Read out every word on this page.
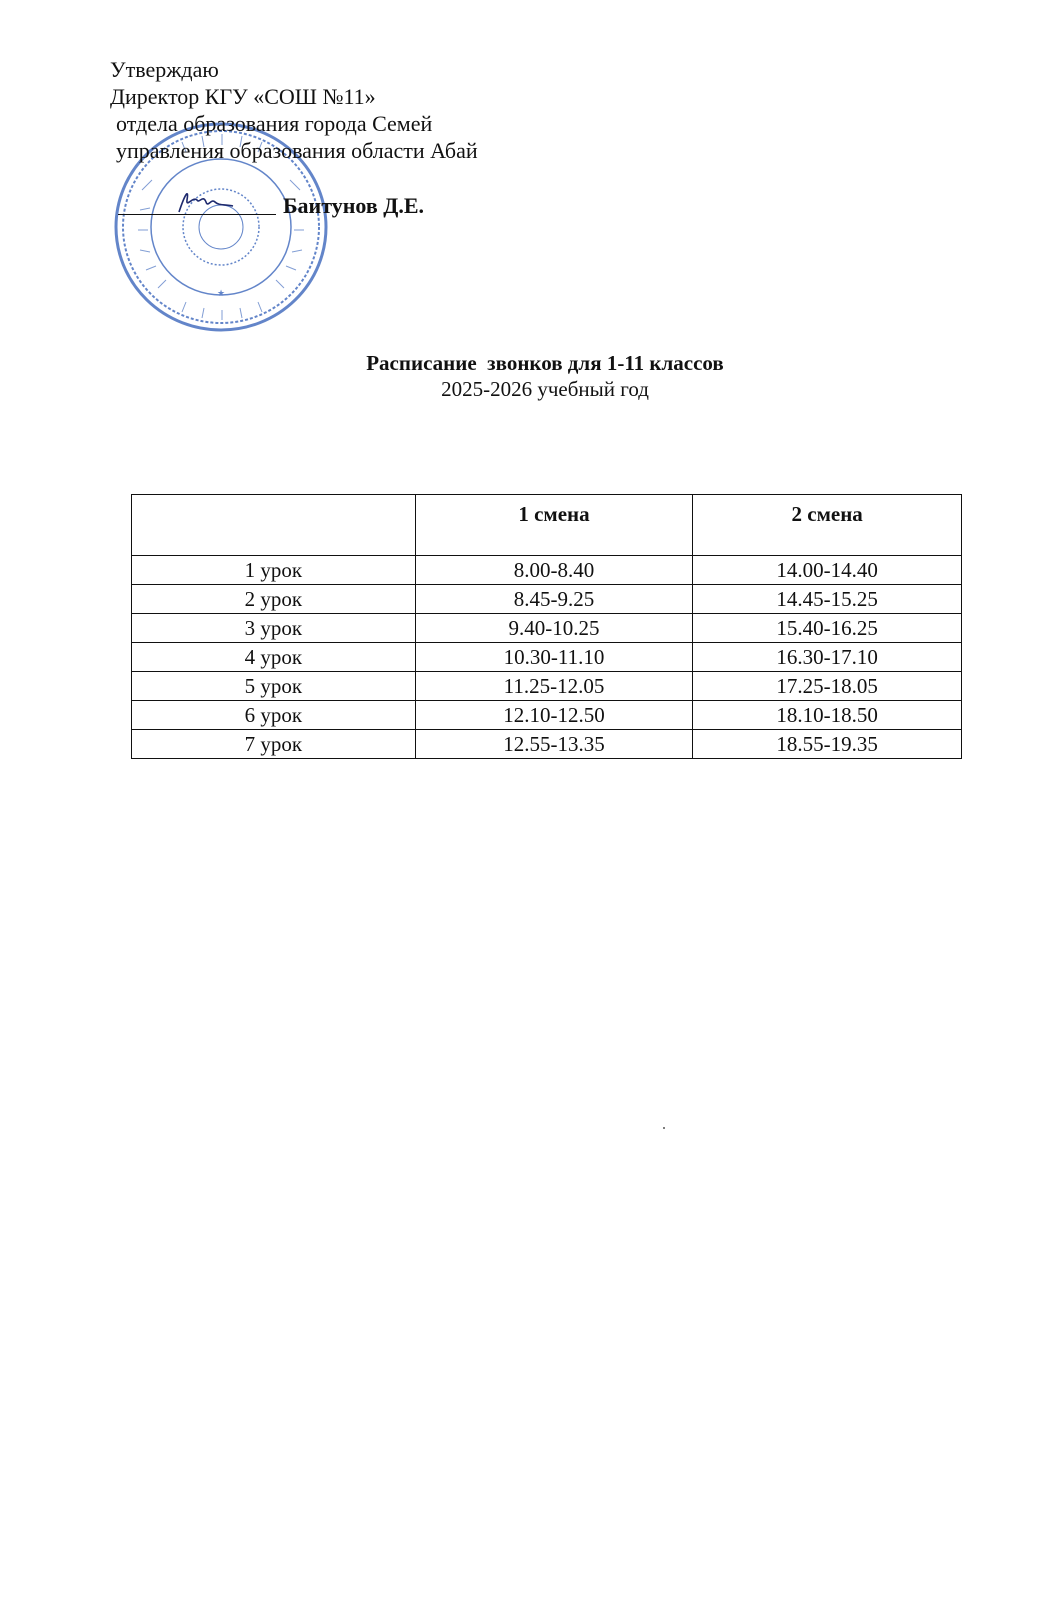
★
Утверждаю
Директор КГУ «СОШ №11»
отдела образования города Семей
управления образования области Абай
Баитунов Д.Е.
Расписание  звонков для 1-11 классов
2025-2026 учебный год
	1 смена	2 смена
1 урок	8.00-8.40	14.00-14.40
2 урок	8.45-9.25	14.45-15.25
3 урок	9.40-10.25	15.40-16.25
4 урок	10.30-11.10	16.30-17.10
5 урок	11.25-12.05	17.25-18.05
6 урок	12.10-12.50	18.10-18.50
7 урок	12.55-13.35	18.55-19.35
